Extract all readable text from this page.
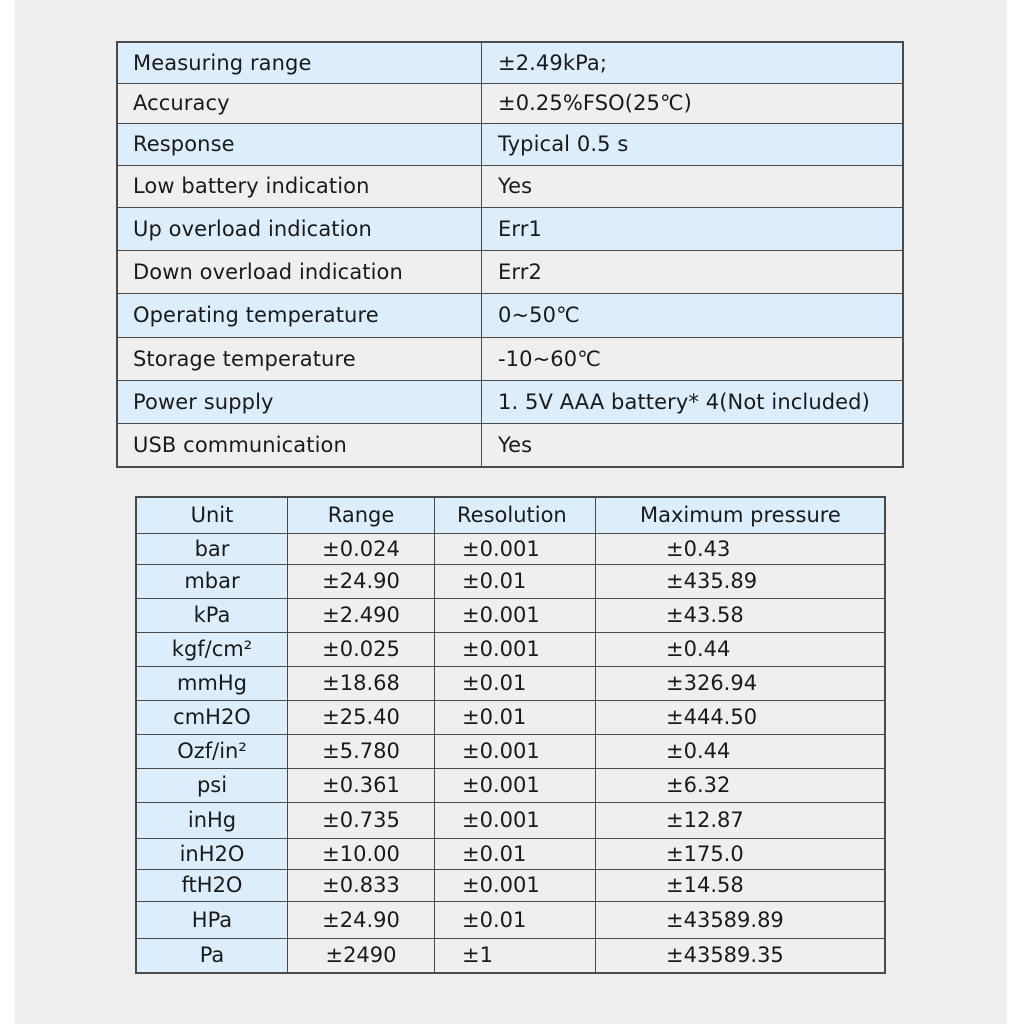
Measuring range	±2.49kPa;
Accuracy	±0.25%FSO(25℃)
Response	Typical 0.5 s
Low battery indication	Yes
Up overload indication	Err1
Down overload indication	Err2
Operating temperature	0~50℃
Storage temperature	-10~60℃
Power supply	1. 5V AAA battery* 4(Not included)
USB communication	Yes
Unit	Range	Resolution	Maximum pressure
bar	±0.024	±0.001	±0.43
mbar	±24.90	±0.01	±435.89
kPa	±2.490	±0.001	±43.58
kgf/cm²	±0.025	±0.001	±0.44
mmHg	±18.68	±0.01	±326.94
cmH2O	±25.40	±0.01	±444.50
Ozf/in²	±5.780	±0.001	±0.44
psi	±0.361	±0.001	±6.32
inHg	±0.735	±0.001	±12.87
inH2O	±10.00	±0.01	±175.0
ftH2O	±0.833	±0.001	±14.58
HPa	±24.90	±0.01	±43589.89
Pa	±2490	±1	±43589.35
